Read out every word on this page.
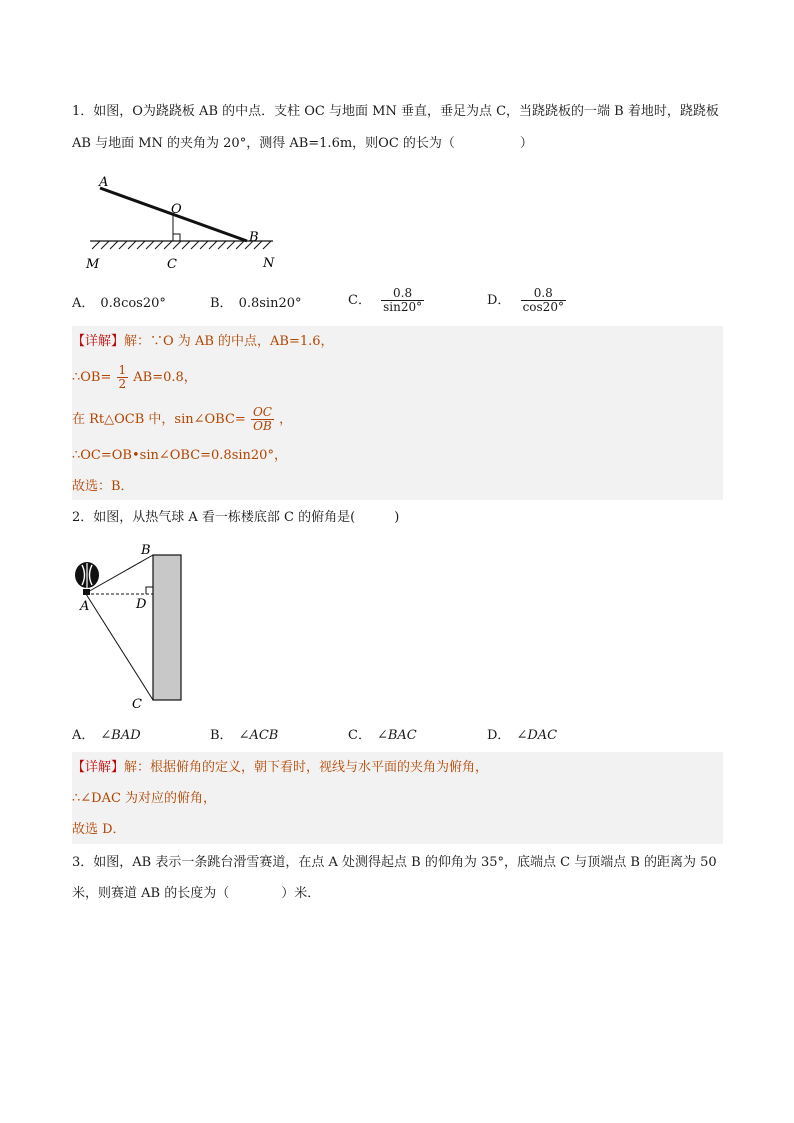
1．如图，O为跷跷板 AB 的中点．支柱 OC 与地面 MN 垂直，垂足为点 C，当跷跷板的一端 B 着地时，跷跷板
AB 与地面 MN 的夹角为 20°，测得 AB=1.6m，则OC 的长为（　　　　　）
A
O
B
M	C	N
A． 0.8cos20°	B． 0.8sin20°	C． $\frac{0.8}{\sin 20^\circ}$	D． $\frac{0.8}{\cos 20^\circ}$
【详解】解：∵O 为 AB 的中点，AB=1.6，
∴OB= $\frac{1}{2} AB=0.8$，
在 Rt△OCB 中，sin∠OBC= $\frac{OC}{OB}$ ，
∴OC=OB•sin∠OBC=0.8sin20°，
故选：B．
2．如图，从热气球 A 看一栋楼底部 C 的俯角是(　　　)
B
A	D
C
A． ∠BAD	B． ∠ACB	C． ∠BAC	D． ∠DAC
【详解】解：根据俯角的定义，朝下看时，视线与水平面的夹角为俯角，
∴∠DAC 为对应的俯角，
故选 D．
3．如图，AB 表示一条跳台滑雪赛道，在点 A 处测得起点 B 的仰角为 35°，底端点 C 与顶端点 B 的距离为 50
米，则赛道 AB 的长度为（　　　　）米．
